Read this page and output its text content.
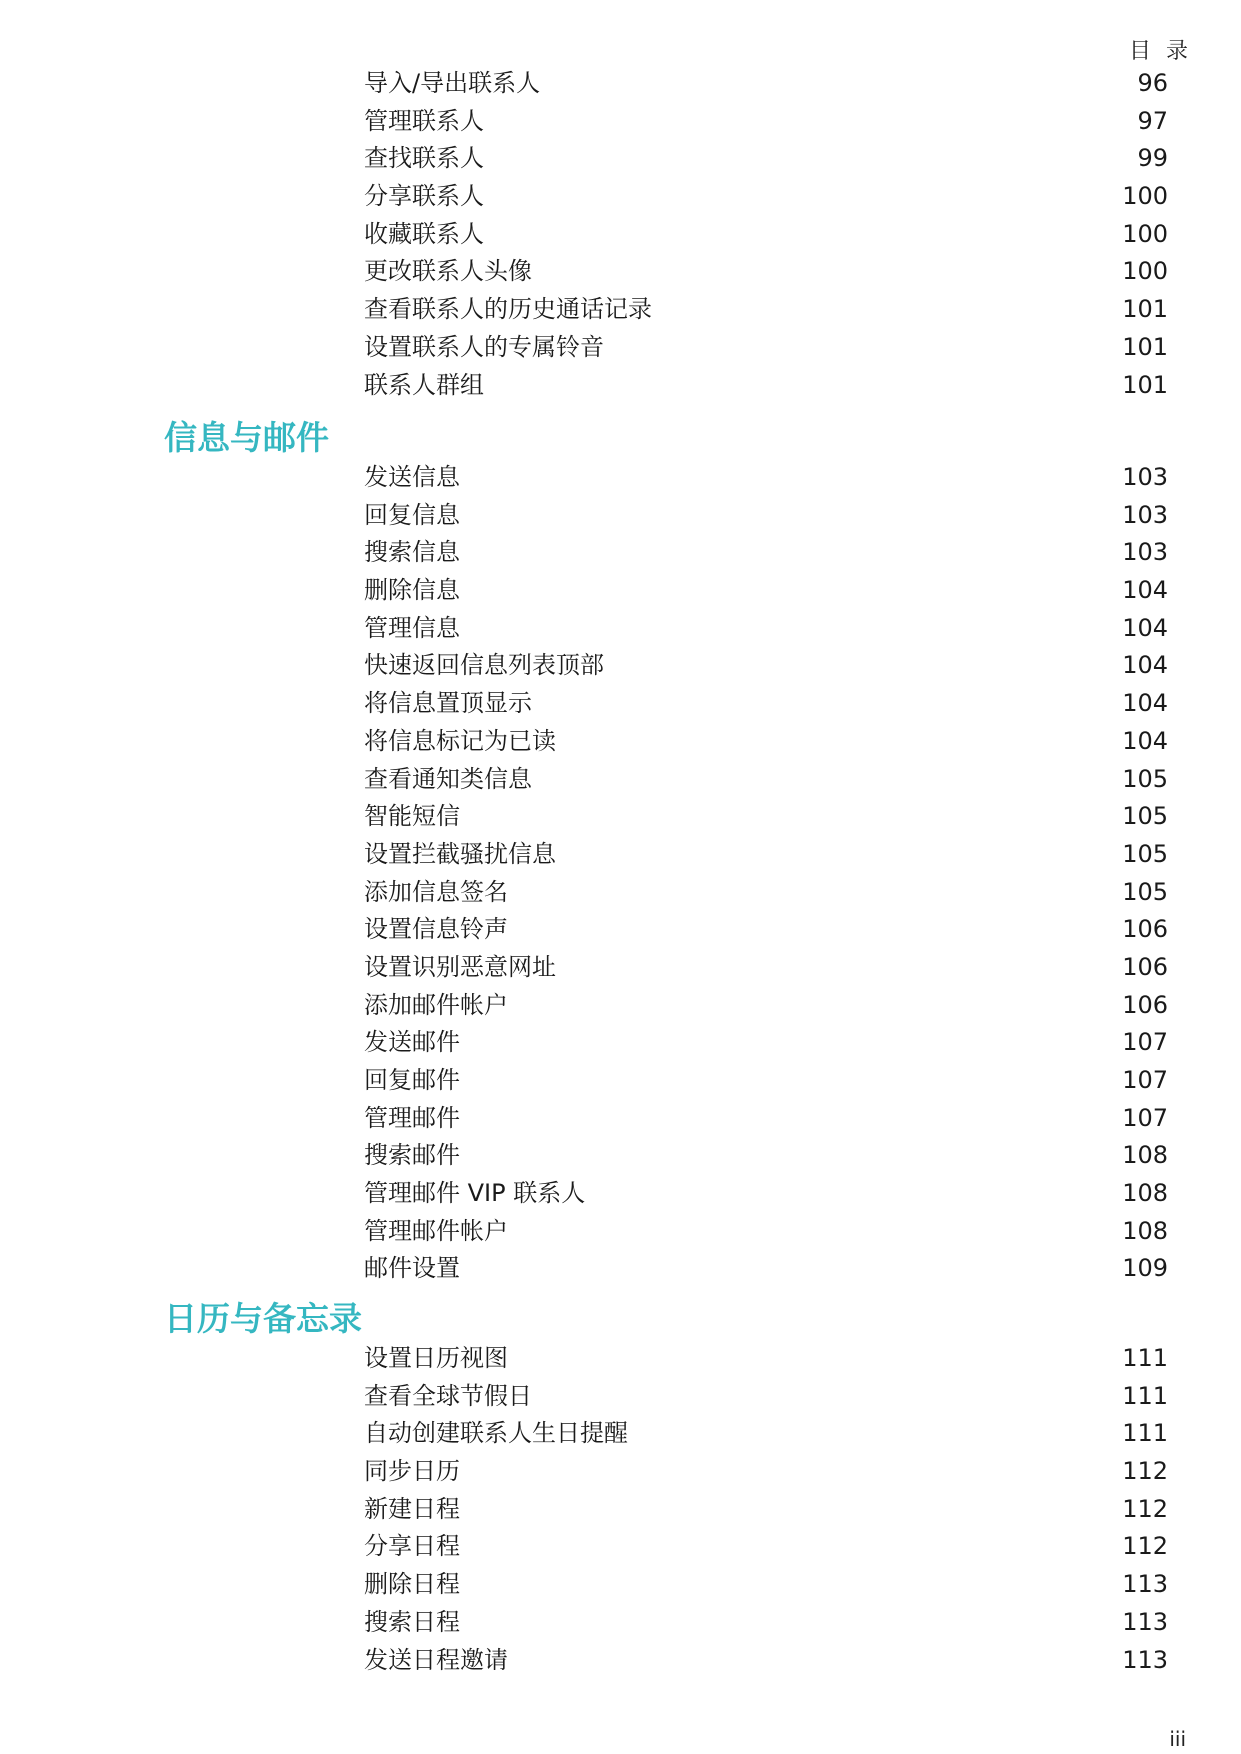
目 录
导入/导出联系人	96
管理联系人	97
查找联系人	99
分享联系人	100
收藏联系人	100
更改联系人头像	100
查看联系人的历史通话记录	101
设置联系人的专属铃音	101
联系人群组	101
信息与邮件
发送信息	103
回复信息	103
搜索信息	103
删除信息	104
管理信息	104
快速返回信息列表顶部	104
将信息置顶显示	104
将信息标记为已读	104
查看通知类信息	105
智能短信	105
设置拦截骚扰信息	105
添加信息签名	105
设置信息铃声	106
设置识别恶意网址	106
添加邮件帐户	106
发送邮件	107
回复邮件	107
管理邮件	107
搜索邮件	108
管理邮件 VIP 联系人	108
管理邮件帐户	108
邮件设置	109
日历与备忘录
设置日历视图	111
查看全球节假日	111
自动创建联系人生日提醒	111
同步日历	112
新建日程	112
分享日程	112
删除日程	113
搜索日程	113
发送日程邀请	113
iii
